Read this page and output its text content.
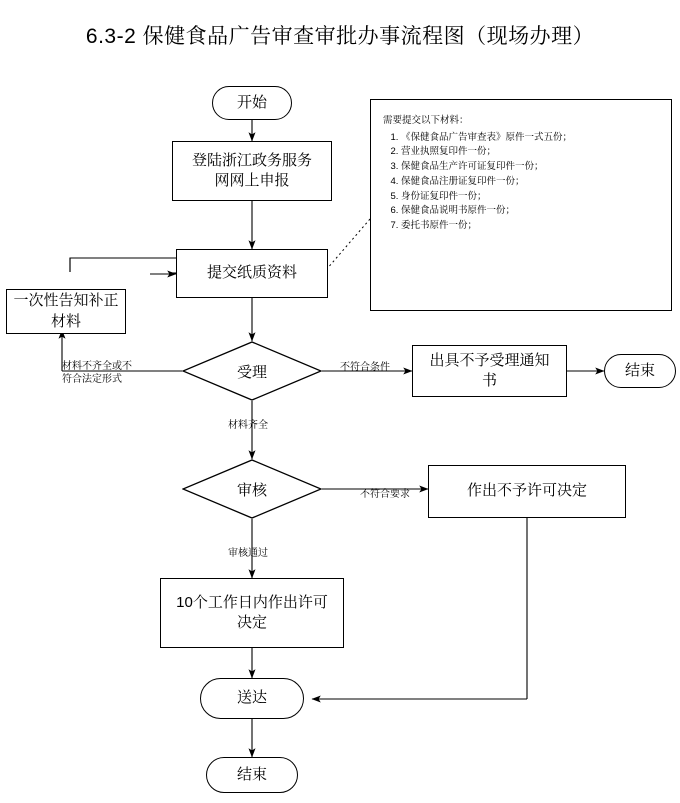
6.3-2 保健食品广告审查审批办事流程图（现场办理）
开始
登陆浙江政务服务网网上申报
提交纸质资料
一次性告知补正材料
受理
出具不予受理通知书
结束
审核	作出不予许可决定
10个工作日内作出许可决定
送达
结束
需要提交以下材料：
1. 《保健食品广告审查表》原件一式五份；
2. 营业执照复印件一份；
3. 保健食品生产许可证复印件一份；
4. 保健食品注册证复印件一份；
5. 身份证复印件一份；
6. 保健食品说明书原件一份；
7. 委托书原件一份；
材料不齐全或不符合法定形式
不符合条件
材料齐全
不符合要求
审核通过
